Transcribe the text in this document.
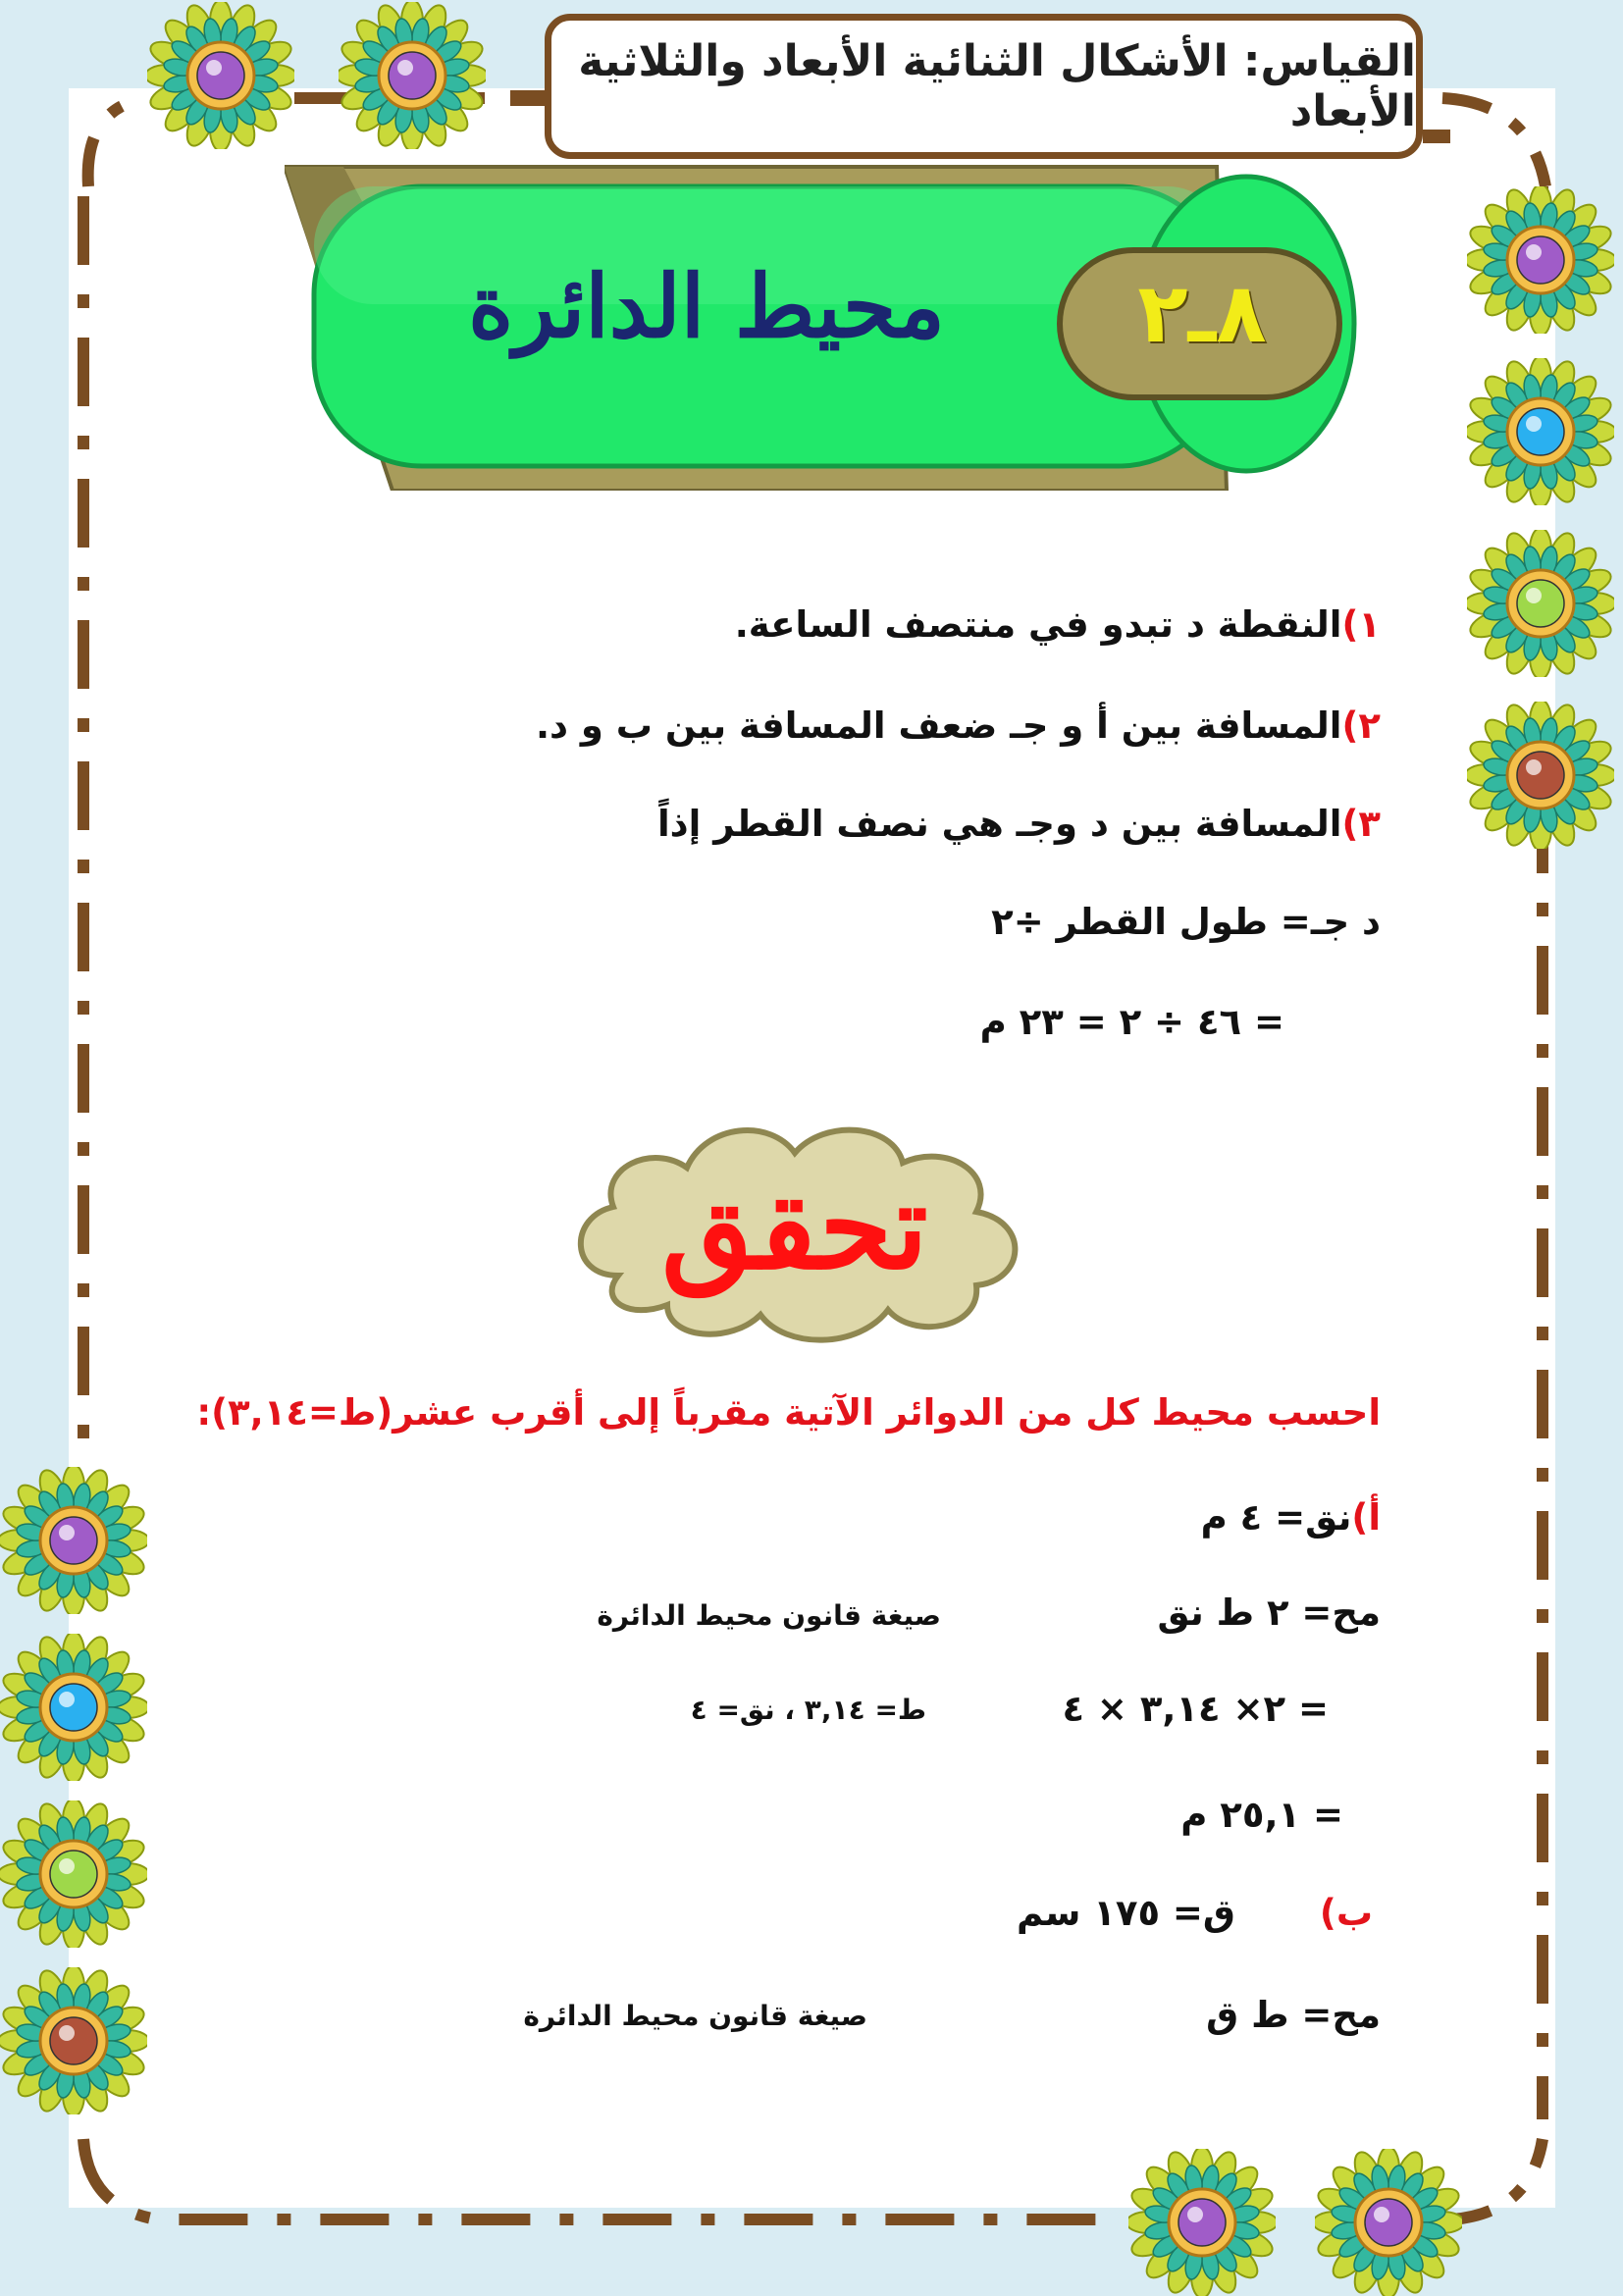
القياس: الأشكال الثنائية الأبعاد والثلاثية الأبعاد
محيط الدائرة	٨ـ٢
١)النقطة د تبدو في منتصف الساعة.
٢)المسافة بين أ و جـ ضعف المسافة بين ب و د.
٣)المسافة بين د وجـ هي نصف القطر إذاً
د جـ= طول القطر ÷٢
= ٤٦ ÷ ٢ = ٢٣ م
تحقق
احسب محيط كل من الدوائر الآتية مقرباً إلى أقرب عشر(ط=٣,١٤):
أ)نق= ٤ م
مح= ٢ ط نق
صيغة قانون محيط الدائرة
= ٢× ٣,١٤ × ٤
ط= ٣,١٤ ، نق= ٤
= ٢٥,١ م
ب)
ق= ١٧٥ سم
مح= ط ق
صيغة قانون محيط الدائرة
